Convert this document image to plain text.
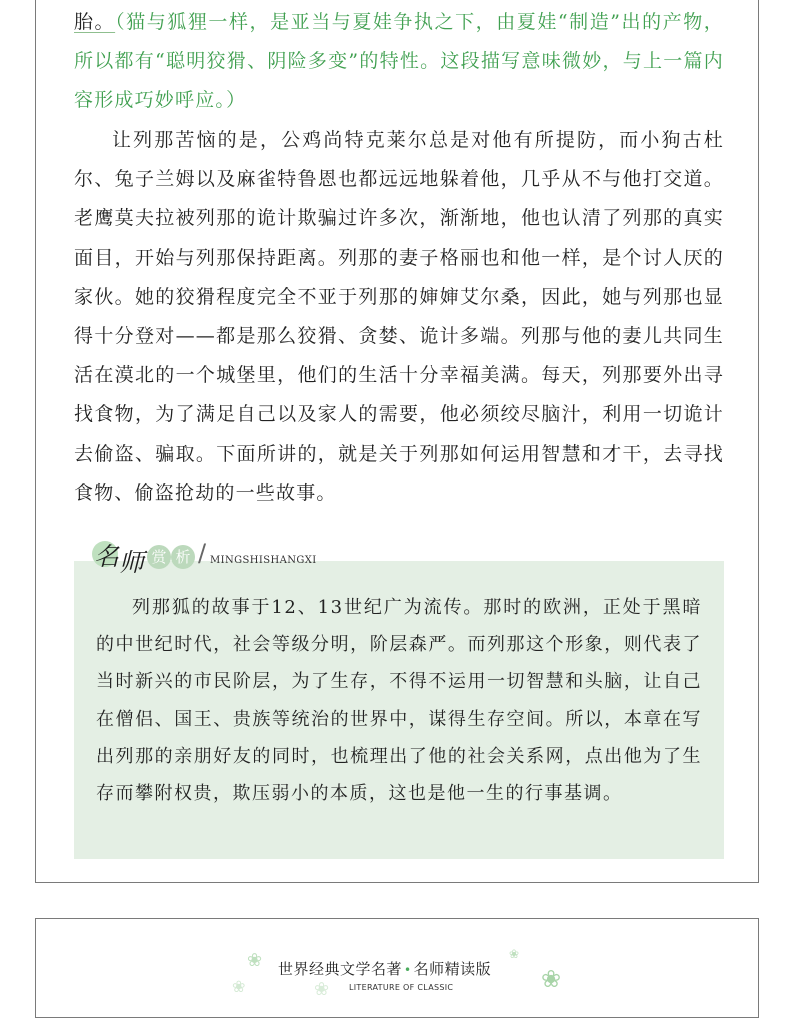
胎。（猫与狐狸一样，是亚当与夏娃争执之下，由夏娃“制造”出的产物，所以都有“聪明狡猾、阴险多变”的特性。这段描写意味微妙，与上一篇内容形成巧妙呼应。）
让列那苦恼的是，公鸡尚特克莱尔总是对他有所提防，而小狗古杜尔、兔子兰姆以及麻雀特鲁恩也都远远地躲着他，几乎从不与他打交道。老鹰莫夫拉被列那的诡计欺骗过许多次，渐渐地，他也认清了列那的真实面目，开始与列那保持距离。列那的妻子格丽也和他一样，是个讨人厌的家伙。她的狡猾程度完全不亚于列那的婶婶艾尔桑，因此，她与列那也显得十分登对——都是那么狡猾、贪婪、诡计多端。列那与他的妻儿共同生活在漠北的一个城堡里，他们的生活十分幸福美满。每天，列那要外出寻找食物，为了满足自己以及家人的需要，他必须绞尽脑汁，利用一切诡计去偷盗、骗取。下面所讲的，就是关于列那如何运用智慧和才干，去寻找食物、偷盗抢劫的一些故事。
名 师 赏 析 / MINGSHISHANGXI
列那狐的故事于12、13世纪广为流传。那时的欧洲，正处于黑暗的中世纪时代，社会等级分明，阶层森严。而列那这个形象，则代表了当时新兴的市民阶层，为了生存，不得不运用一切智慧和头脑，让自己在僧侣、国王、贵族等统治的世界中，谋得生存空间。所以，本章在写出列那的亲朋好友的同时，也梳理出了他的社会关系网，点出他为了生存而攀附权贵，欺压弱小的本质，这也是他一生的行事基调。
❀
❀
❀
❀	❀
世界经典文学名著 • 名师精读版
LITERATURE OF CLASSIC
